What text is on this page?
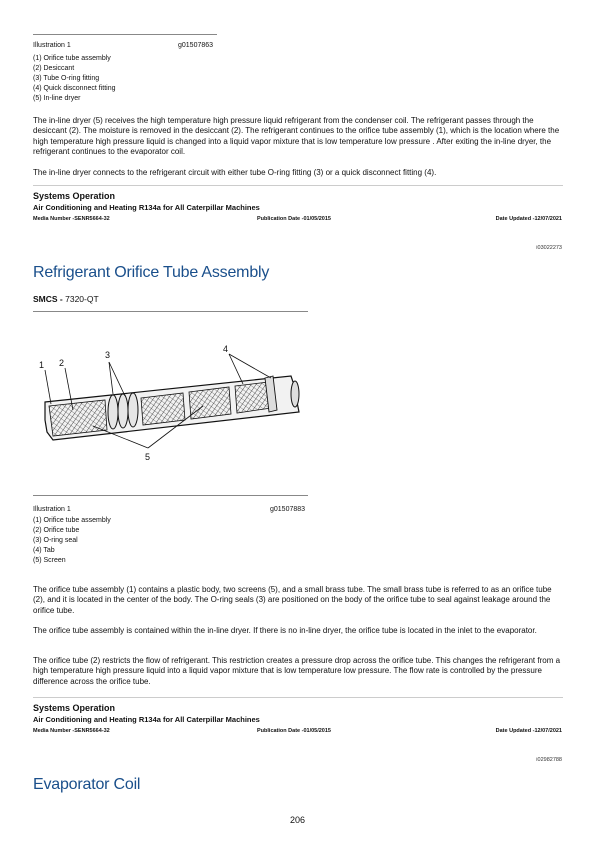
Illustration 1	g01507863
(1) Orifice tube assembly
(2) Desiccant
(3) Tube O-ring fitting
(4) Quick disconnect fitting
(5) In-line dryer

The in-line dryer (5) receives the high temperature high pressure liquid refrigerant from the condenser coil. The refrigerant passes through the desiccant (2). The moisture is removed in the desiccant (2). The refrigerant continues to the orifice tube assembly (1), which is the location where the high temperature high pressure liquid is changed into a liquid vapor mixture that is low temperature low pressure . After exiting the in-line dryer, the refrigerant continues to the evaporator coil.

The in-line dryer connects to the refrigerant circuit with either tube O-ring fitting (3) or a quick disconnect fitting (4).

Systems Operation
Air Conditioning and Heating R134a for All Caterpillar Machines
Media Number -SENR5664-32	Publication Date -01/05/2015	Date Updated -12/07/2021
i03022273
Refrigerant Orifice Tube Assembly
SMCS - 7320-QT
1 2
3
4
5
Illustration 1	g01507883
(1) Orifice tube assembly
(2) Orifice tube
(3) O-ring seal
(4) Tab
(5) Screen

The orifice tube assembly (1) contains a plastic body, two screens (5), and a small brass tube. The small brass tube is referred to as an orifice tube (2), and it is located in the center of the body. The O-ring seals (3) are positioned on the body of the orifice tube to seal against leakage around the orifice tube.

The orifice tube assembly is contained within the in-line dryer. If there is no in-line dryer, the orifice tube is located in the inlet to the evaporator.

The orifice tube (2) restricts the flow of refrigerant. This restriction creates a pressure drop across the orifice tube. This changes the refrigerant from a high temperature high pressure liquid into a liquid vapor mixture that is low temperature low pressure. The flow rate is controlled by the pressure difference across the orifice tube.

Systems Operation
Air Conditioning and Heating R134a for All Caterpillar Machines
Media Number -SENR5664-32	Publication Date -01/05/2015	Date Updated -12/07/2021
i02982788
Evaporator Coil
206
